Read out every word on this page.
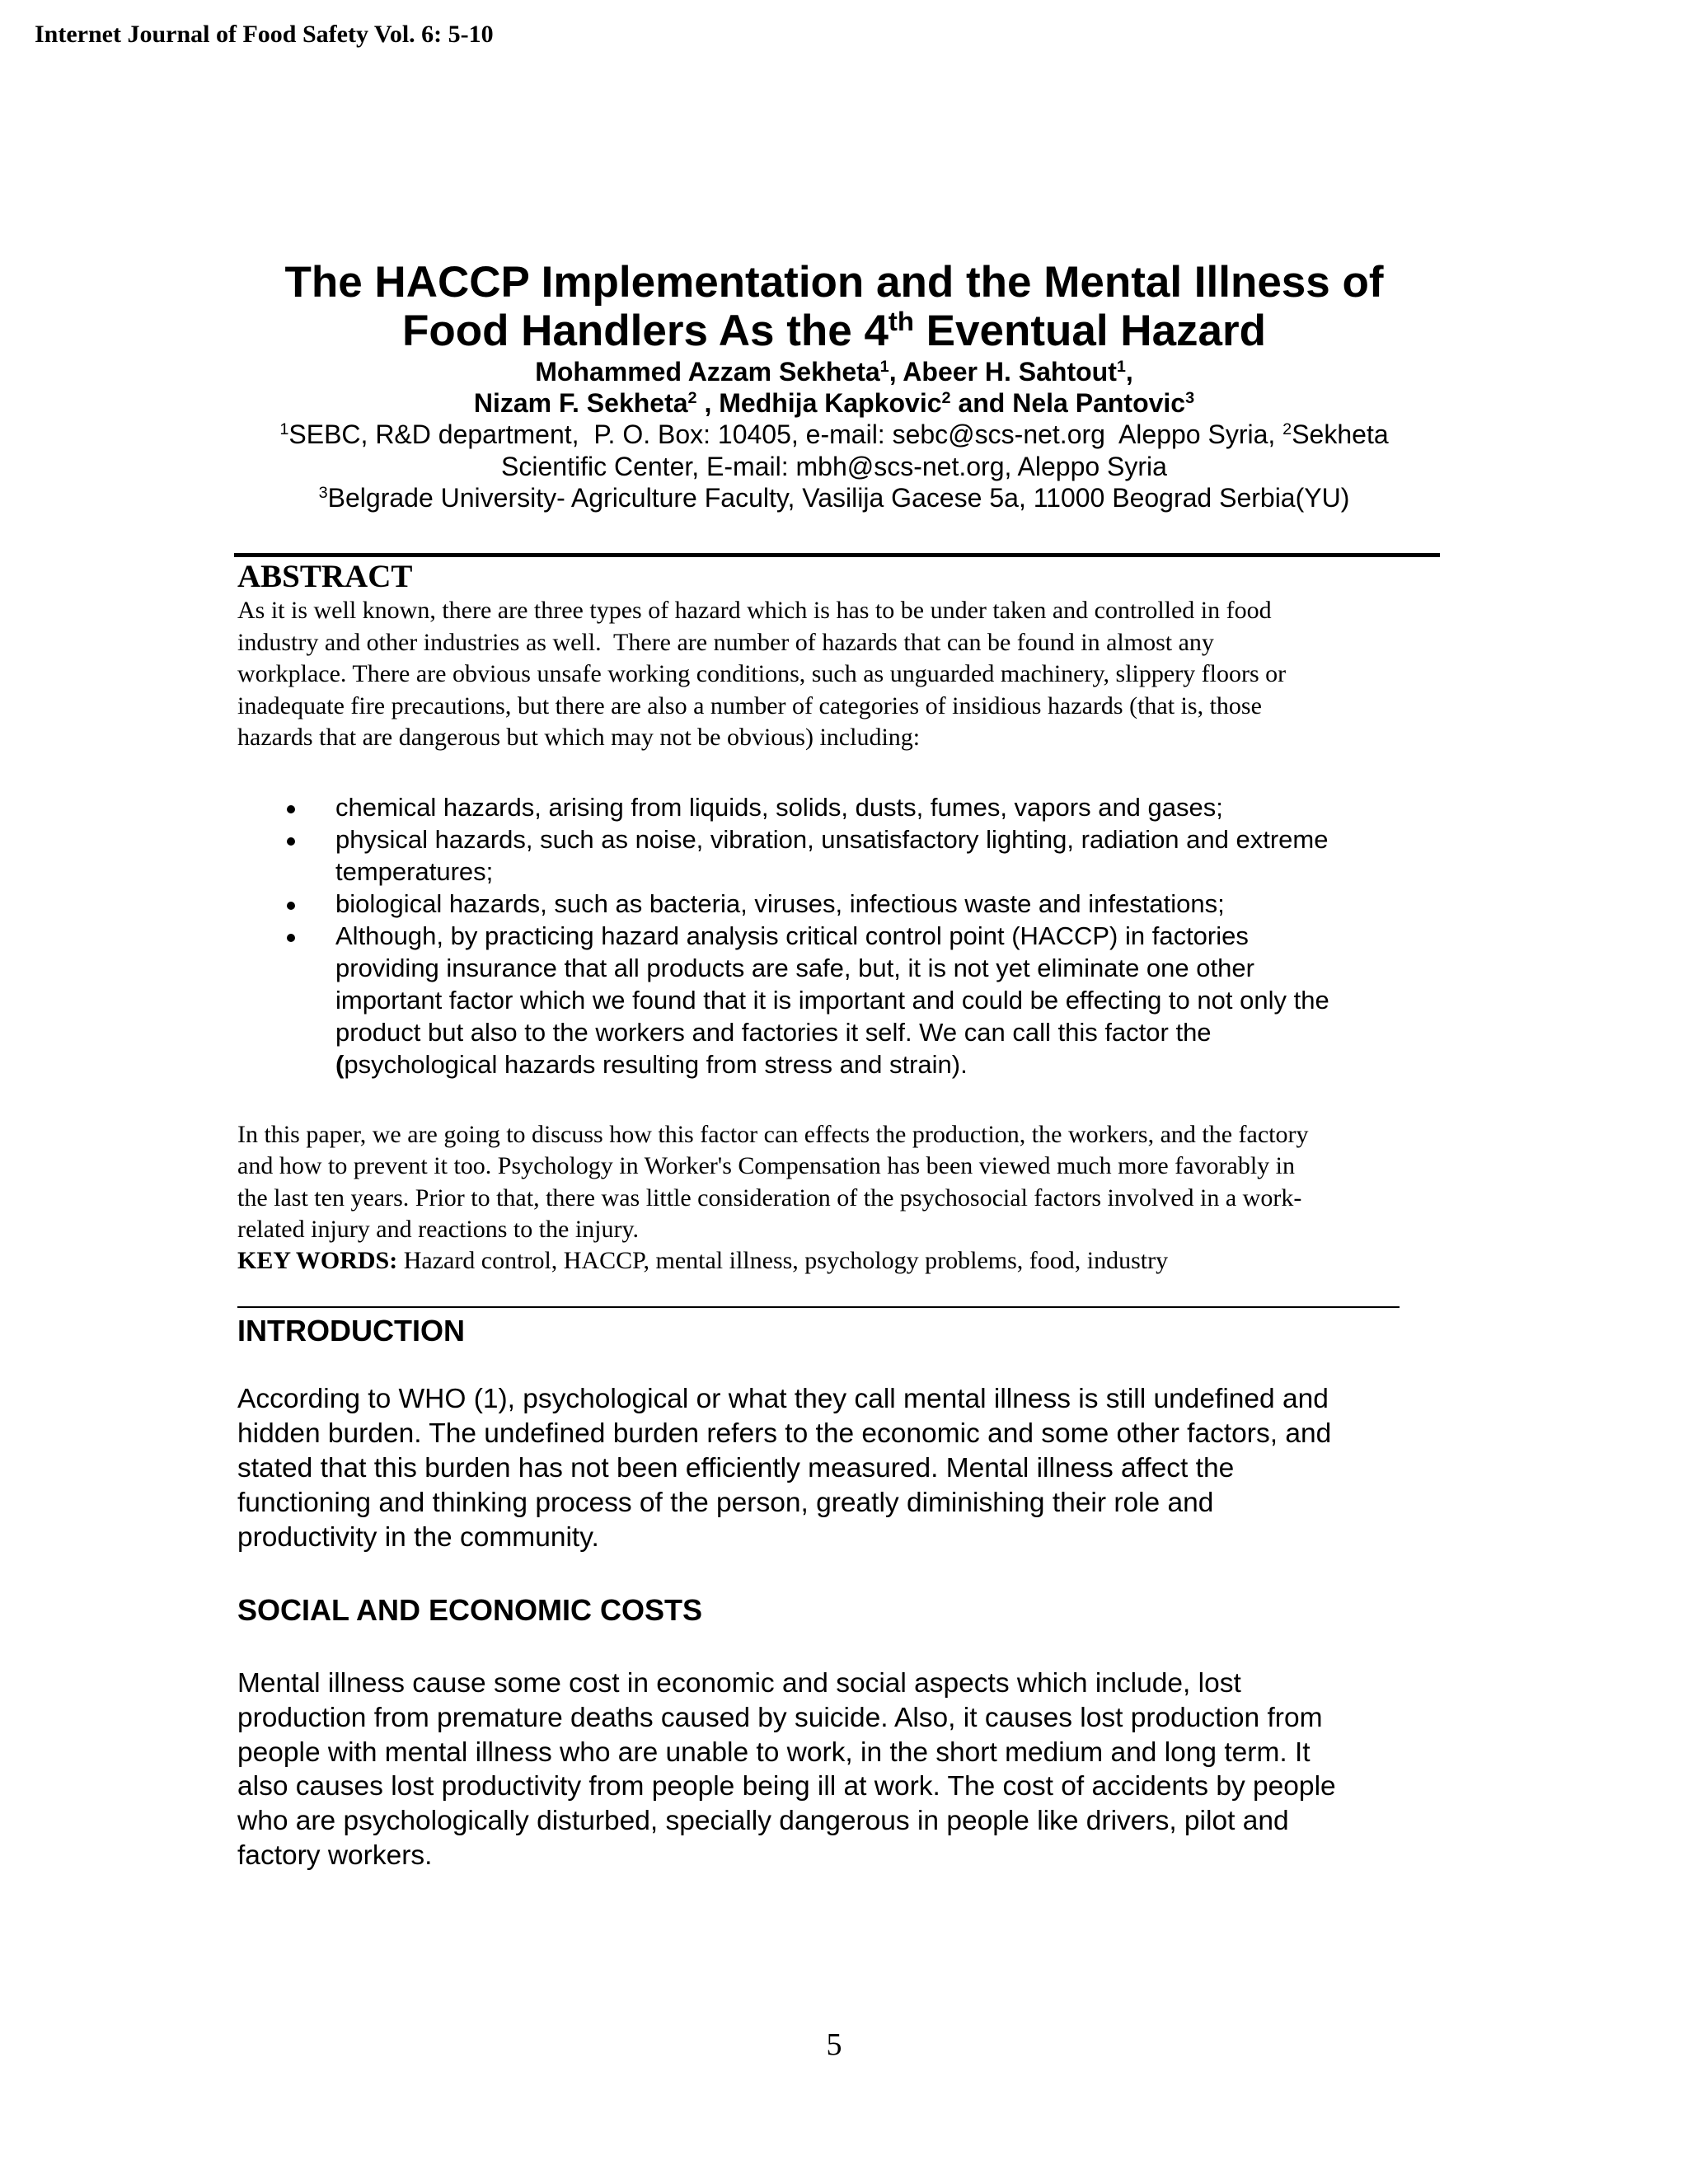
Internet Journal of Food Safety Vol. 6: 5-10
The HACCP Implementation and the Mental Illness of
Food Handlers As the 4th Eventual Hazard
Mohammed Azzam Sekheta$^1$, Abeer H. Sahtout$^1$,
Nizam F. Sekheta$^2$ , Medhija Kapkovic$^2$ and Nela Pantovic$^3$
$^1$SEBC, R&D department,  P. O. Box: 10405, e-mail: sebc@scs-net.org  Aleppo Syria, $^2$Sekheta
Scientific Center, E-mail: mbh@scs-net.org, Aleppo Syria
$^3$Belgrade University- Agriculture Faculty, Vasilija Gacese 5a, 11000 Beograd Serbia(YU)
ABSTRACT
As it is well known, there are three types of hazard which is has to be under taken and controlled in food
industry and other industries as well.  There are number of hazards that can be found in almost any
workplace. There are obvious unsafe working conditions, such as unguarded machinery, slippery floors or
inadequate fire precautions, but there are also a number of categories of insidious hazards (that is, those
hazards that are dangerous but which may not be obvious) including:
chemical hazards, arising from liquids, solids, dusts, fumes, vapors and gases;
physical hazards, such as noise, vibration, unsatisfactory lighting, radiation and extreme
temperatures;
biological hazards, such as bacteria, viruses, infectious waste and infestations;
Although, by practicing hazard analysis critical control point (HACCP) in factories
providing insurance that all products are safe, but, it is not yet eliminate one other
important factor which we found that it is important and could be effecting to not only the
product but also to the workers and factories it self. We can call this factor the
(psychological hazards resulting from stress and strain).
In this paper, we are going to discuss how this factor can effects the production, the workers, and the factory
and how to prevent it too. Psychology in Worker's Compensation has been viewed much more favorably in
the last ten years. Prior to that, there was little consideration of the psychosocial factors involved in a work-
related injury and reactions to the injury.
KEY WORDS: Hazard control, HACCP, mental illness, psychology problems, food, industry
INTRODUCTION
According to WHO (1), psychological or what they call mental illness is still undefined and
hidden burden. The undefined burden refers to the economic and some other factors, and
stated that this burden has not been efficiently measured. Mental illness affect the
functioning and thinking process of the person, greatly diminishing their role and
productivity in the community.
SOCIAL AND ECONOMIC COSTS
Mental illness cause some cost in economic and social aspects which include, lost
production from premature deaths caused by suicide. Also, it causes lost production from
people with mental illness who are unable to work, in the short medium and long term. It
also causes lost productivity from people being ill at work. The cost of accidents by people
who are psychologically disturbed, specially dangerous in people like drivers, pilot and
factory workers.
5
